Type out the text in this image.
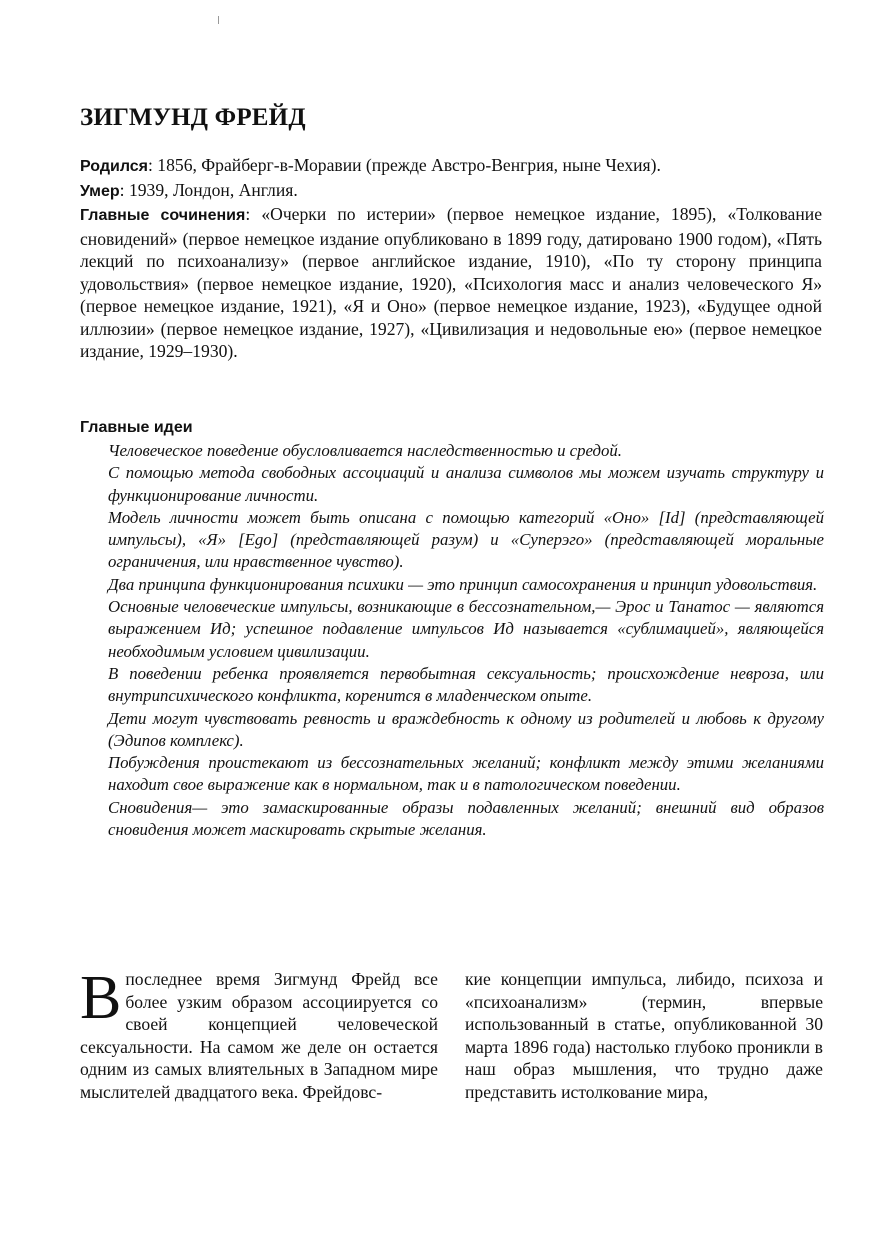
ЗИГМУНД ФРЕЙД

Родился: 1856, Фрайберг-в-Моравии (прежде Австро-Венгрия, ныне Чехия).

Умер: 1939, Лондон, Англия.

Главные сочинения: «Очерки по истерии» (первое немецкое издание, 1895), «Толкование сновидений» (первое немецкое издание опубликовано в 1899 году, датировано 1900 годом), «Пять лекций по психоанализу» (первое английское издание, 1910), «По ту сторону принципа удовольствия» (первое немецкое издание, 1920), «Психология масс и анализ человеческого Я» (первое немецкое издание, 1921), «Я и Оно» (первое немецкое издание, 1923), «Будущее одной иллюзии» (первое немецкое издание, 1927), «Цивилизация и недовольные ею» (первое немецкое издание, 1929–1930).

Главные идеи
Человеческое поведение обусловливается наследственностью и средой.
С помощью метода свободных ассоциаций и анализа символов мы можем изучать структуру и функционирование личности.
Модель личности может быть описана с помощью категорий «Оно» [Id] (представляющей импульсы), «Я» [Ego] (представляющей разум) и «Суперэго» (представляющей моральные ограничения, или нравственное чувство).
Два принципа функционирования психики — это принцип самосохранения и принцип удовольствия.
Основные человеческие импульсы, возникающие в бессознательном,— Эрос и Танатос — являются выражением Ид; успешное подавление импульсов Ид называется «сублимацией», являющейся необходимым условием цивилизации.
В поведении ребенка проявляется первобытная сексуальность; происхождение невроза, или внутрипсихического конфликта, коренится в младенческом опыте.
Дети могут чувствовать ревность и враждебность к одному из родителей и любовь к другому (Эдипов комплекс).
Побуждения проистекают из бессознательных желаний; конфликт между этими желаниями находит свое выражение как в нормальном, так и в патологическом поведении.
Сновидения— это замаскированные образы подавленных желаний; внешний вид образов сновидения может маскировать скрытые желания.

Впоследнее время Зигмунд Фрейд все более узким образом ассоциируется со своей концепцией человеческой сексуальности. На самом же деле он остается одним из самых влиятельных в Западном мире мыслителей двадцатого века. Фрейдовс-

кие концепции импульса, либидо, психоза и «психоанализм» (термин, впервые использованный в статье, опубликованной 30 марта 1896 года) настолько глубоко проникли в наш образ мышления, что трудно даже представить истолкование мира,
